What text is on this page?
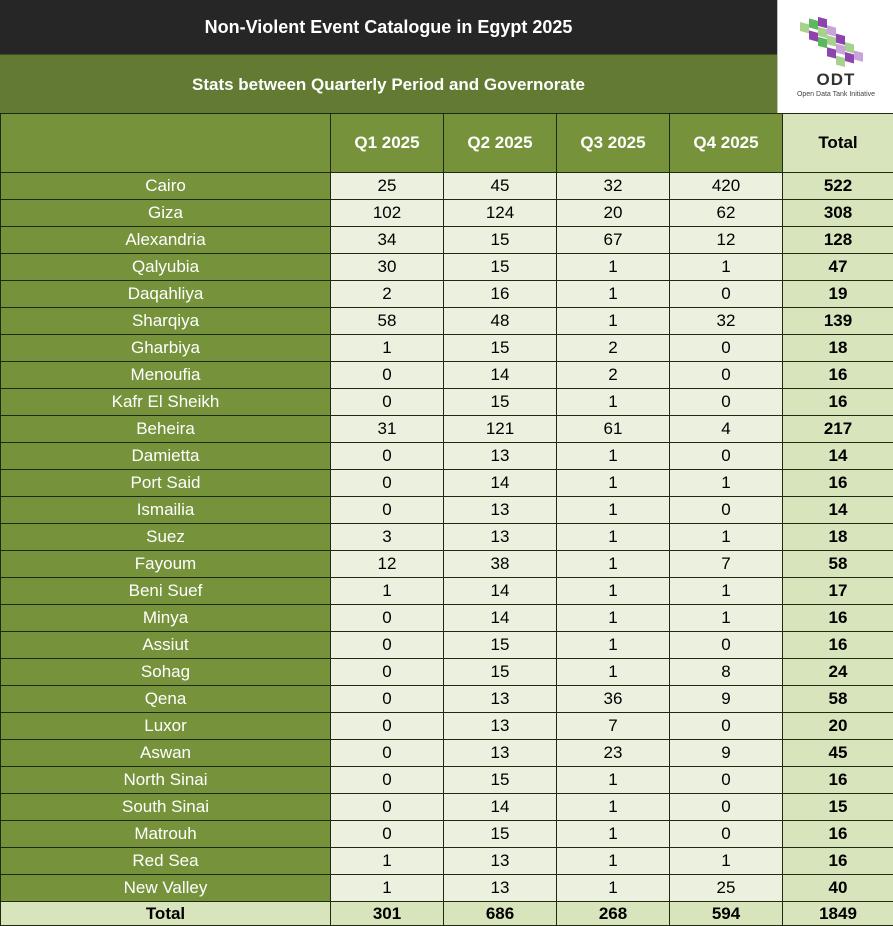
Non-Violent Event Catalogue in Egypt 2025
Stats between Quarterly Period and Governorate	ODT
Open Data Tank Initiative
	Q1 2025	Q2 2025	Q3 2025	Q4 2025	Total
Cairo	25	45	32	420	522
Giza	102	124	20	62	308
Alexandria	34	15	67	12	128
Qalyubia	30	15	1	1	47
Daqahliya	2	16	1	0	19
Sharqiya	58	48	1	32	139
Gharbiya	1	15	2	0	18
Menoufia	0	14	2	0	16
Kafr El Sheikh	0	15	1	0	16
Beheira	31	121	61	4	217
Damietta	0	13	1	0	14
Port Said	0	14	1	1	16
Ismailia	0	13	1	0	14
Suez	3	13	1	1	18
Fayoum	12	38	1	7	58
Beni Suef	1	14	1	1	17
Minya	0	14	1	1	16
Assiut	0	15	1	0	16
Sohag	0	15	1	8	24
Qena	0	13	36	9	58
Luxor	0	13	7	0	20
Aswan	0	13	23	9	45
North Sinai	0	15	1	0	16
South Sinai	0	14	1	0	15
Matrouh	0	15	1	0	16
Red Sea	1	13	1	1	16
New Valley	1	13	1	25	40
Total	301	686	268	594	1849
